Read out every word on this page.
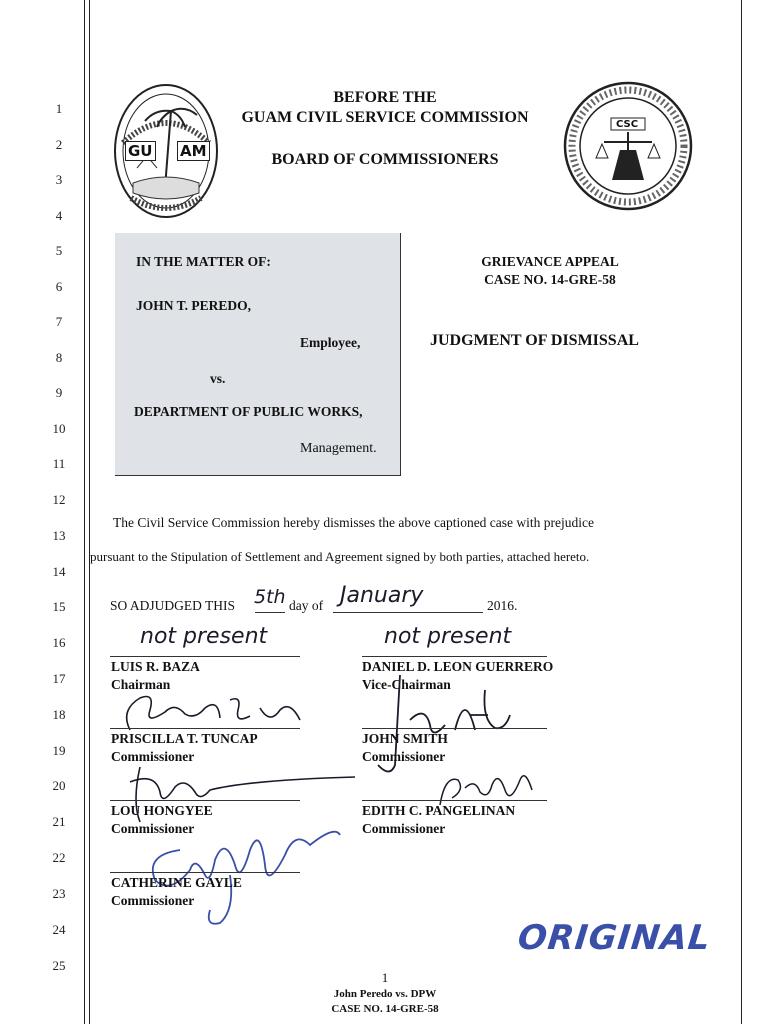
1
2
3
4
5
6
7
8
9
10
11
12
13
14
15
16
17
18
19
20
21
22
23
24
25
GU AM
BEFORE THE
GUAM CIVIL SERVICE COMMISSION
BOARD OF COMMISSIONERS
CSC
IN THE MATTER OF:
JOHN T. PEREDO,
Employee,
vs.
DEPARTMENT OF PUBLIC WORKS,
Management.
GRIEVANCE APPEAL
CASE NO. 14-GRE-58
JUDGMENT OF DISMISSAL
The Civil Service Commission hereby dismisses the above captioned case with prejudice
pursuant to the Stipulation of Settlement and Agreement signed by both parties, attached hereto.
SO ADJUDGED THIS 5th day of January	2016.
not present
LUIS R. BAZA
Chairman
not present
DANIEL D. LEON GUERRERO
Vice-Chairman
PRISCILLA T. TUNCAP
Commissioner
JOHN SMITH
Commissioner
LOU HONGYEE
Commissioner
EDITH C. PANGELINAN
Commissioner
CATHERINE GAYLE
Commissioner
ORIGINAL
1
John Peredo vs. DPW
CASE NO. 14-GRE-58
